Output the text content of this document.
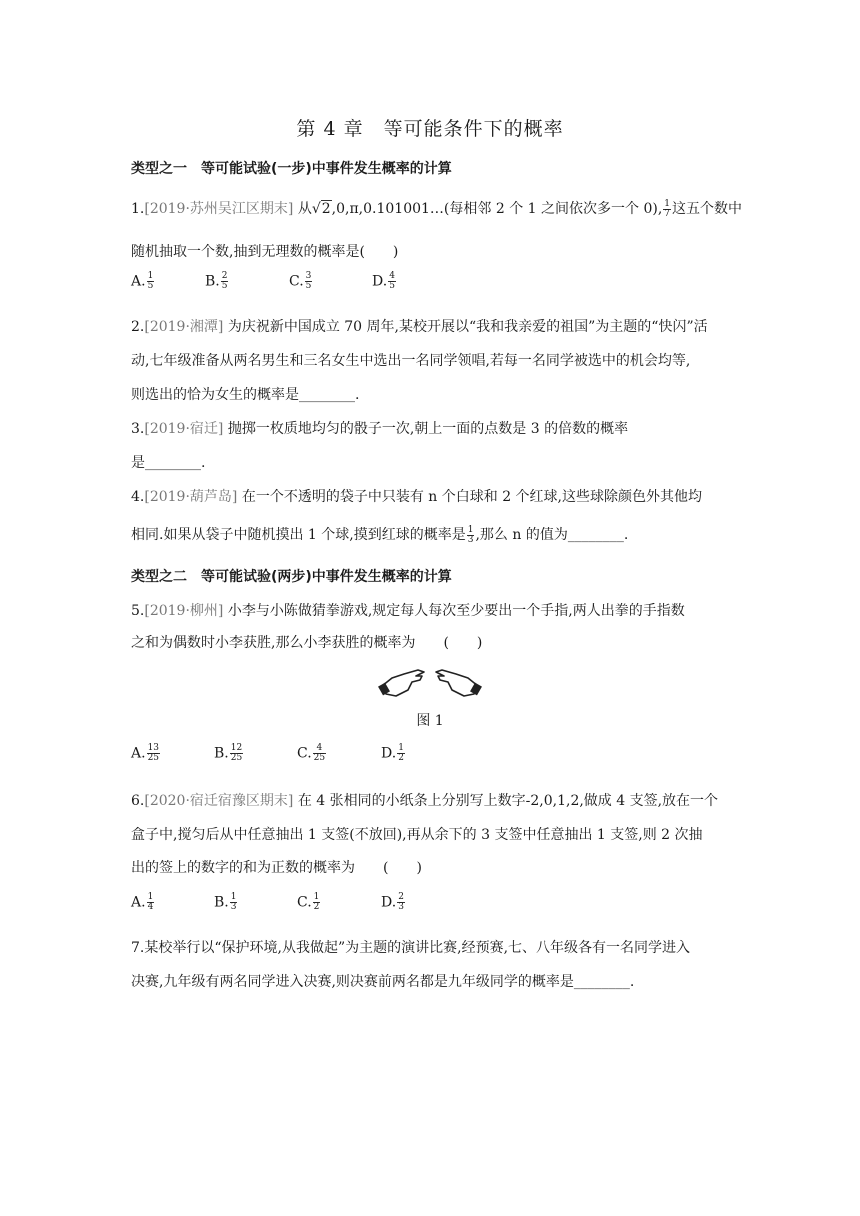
第 4 章　等可能条件下的概率
类型之一　等可能试验(一步)中事件发生概率的计算
1.[2019·苏州吴江区期末] 从√2,0,π,0.101001…(每相邻 2 个 1 之间依次多一个 0), $\frac{1}{7}$ 这五个数中
随机抽取一个数,抽到无理数的概率是(　　)
A. $\frac{1}{5}$	B. $\frac{2}{5}$	C. $\frac{3}{5}$	D. $\frac{4}{5}$
2.[2019·湘潭] 为庆祝新中国成立 70 周年,某校开展以“我和我亲爱的祖国”为主题的“快闪”活
动,七年级准备从两名男生和三名女生中选出一名同学领唱,若每一名同学被选中的机会均等,
则选出的恰为女生的概率是________.
3.[2019·宿迁] 抛掷一枚质地均匀的骰子一次,朝上一面的点数是 3 的倍数的概率
是________.
4.[2019·葫芦岛] 在一个不透明的袋子中只装有 n 个白球和 2 个红球,这些球除颜色外其他均
相同.如果从袋子中随机摸出 1 个球,摸到红球的概率是 $\frac{1}{3}$ ,那么 n 的值为________.
类型之二　等可能试验(两步)中事件发生概率的计算
5.[2019·柳州] 小李与小陈做猜拳游戏,规定每人每次至少要出一个手指,两人出拳的手指数
之和为偶数时小李获胜,那么小李获胜的概率为　　(　　)
图 1
A. $\frac{13}{25}$	B. $\frac{12}{25}$	C. $\frac{4}{25}$	D. $\frac{1}{2}$
6.[2020·宿迁宿豫区期末] 在 4 张相同的小纸条上分别写上数字-2,0,1,2,做成 4 支签,放在一个
盒子中,搅匀后从中任意抽出 1 支签(不放回),再从余下的 3 支签中任意抽出 1 支签,则 2 次抽
出的签上的数字的和为正数的概率为　　(　　)
A. $\frac{1}{4}$	B. $\frac{1}{3}$	C. $\frac{1}{2}$	D. $\frac{2}{3}$
7.某校举行以“保护环境,从我做起”为主题的演讲比赛,经预赛,七、八年级各有一名同学进入
决赛,九年级有两名同学进入决赛,则决赛前两名都是九年级同学的概率是________.
